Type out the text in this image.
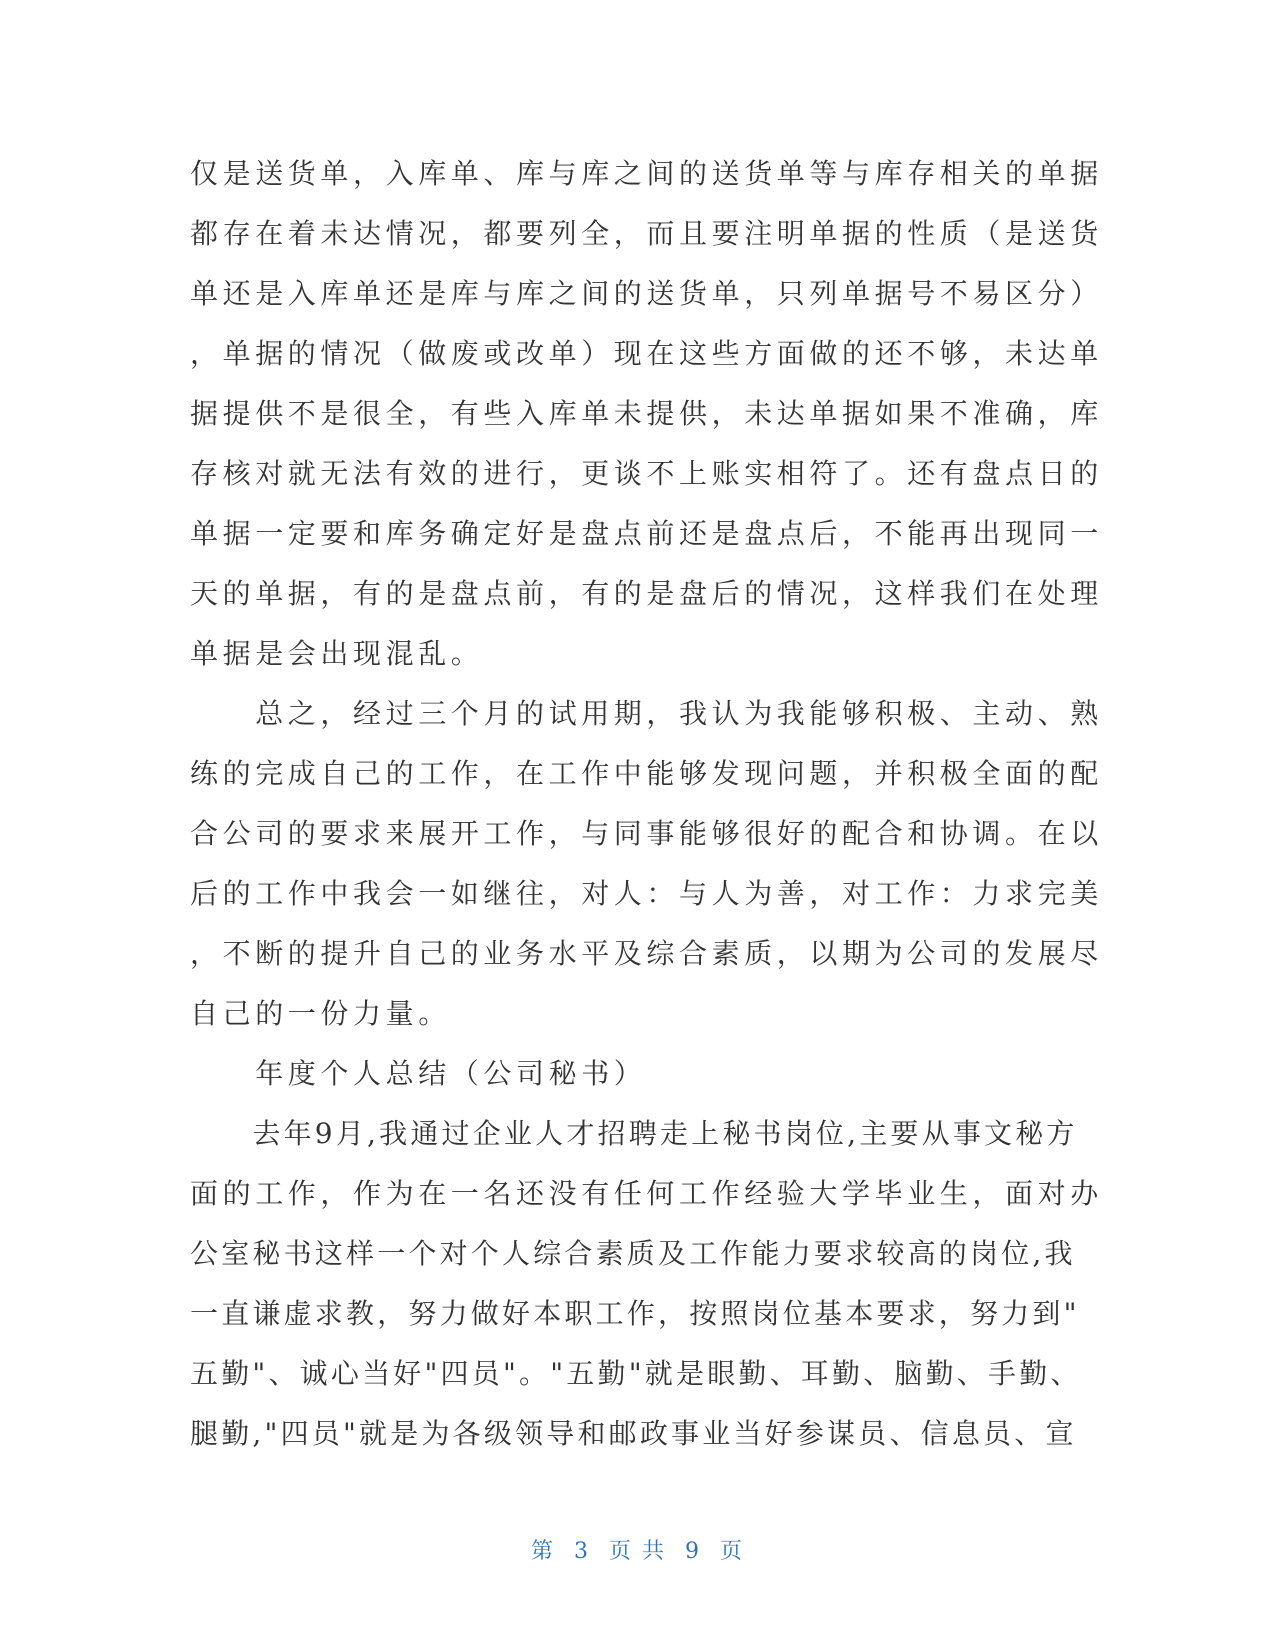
仅是送货单，入库单、库与库之间的送货单等与库存相关的单据
都存在着未达情况，都要列全，而且要注明单据的性质（是送货
单还是入库单还是库与库之间的送货单，只列单据号不易区分）
，单据的情况（做废或改单）现在这些方面做的还不够，未达单
据提供不是很全，有些入库单未提供，未达单据如果不准确，库
存核对就无法有效的进行，更谈不上账实相符了。还有盘点日的
单据一定要和库务确定好是盘点前还是盘点后，不能再出现同一
天的单据，有的是盘点前，有的是盘后的情况，这样我们在处理
单据是会出现混乱。
　　总之，经过三个月的试用期，我认为我能够积极、主动、熟
练的完成自己的工作，在工作中能够发现问题，并积极全面的配
合公司的要求来展开工作，与同事能够很好的配合和协调。在以
后的工作中我会一如继往，对人：与人为善，对工作：力求完美
，不断的提升自己的业务水平及综合素质，以期为公司的发展尽
自己的一份力量。
　　年度个人总结（公司秘书）
　　去年9月,我通过企业人才招聘走上秘书岗位,主要从事文秘方
面的工作，作为在一名还没有任何工作经验大学毕业生，面对办
公室秘书这样一个对个人综合素质及工作能力要求较高的岗位,我
一直谦虚求教，努力做好本职工作，按照岗位基本要求，努力到"
五勤"、诚心当好"四员"。"五勤"就是眼勤、耳勤、脑勤、手勤、
腿勤,"四员"就是为各级领导和邮政事业当好参谋员、信息员、宣
第 3 页 共 9 页
